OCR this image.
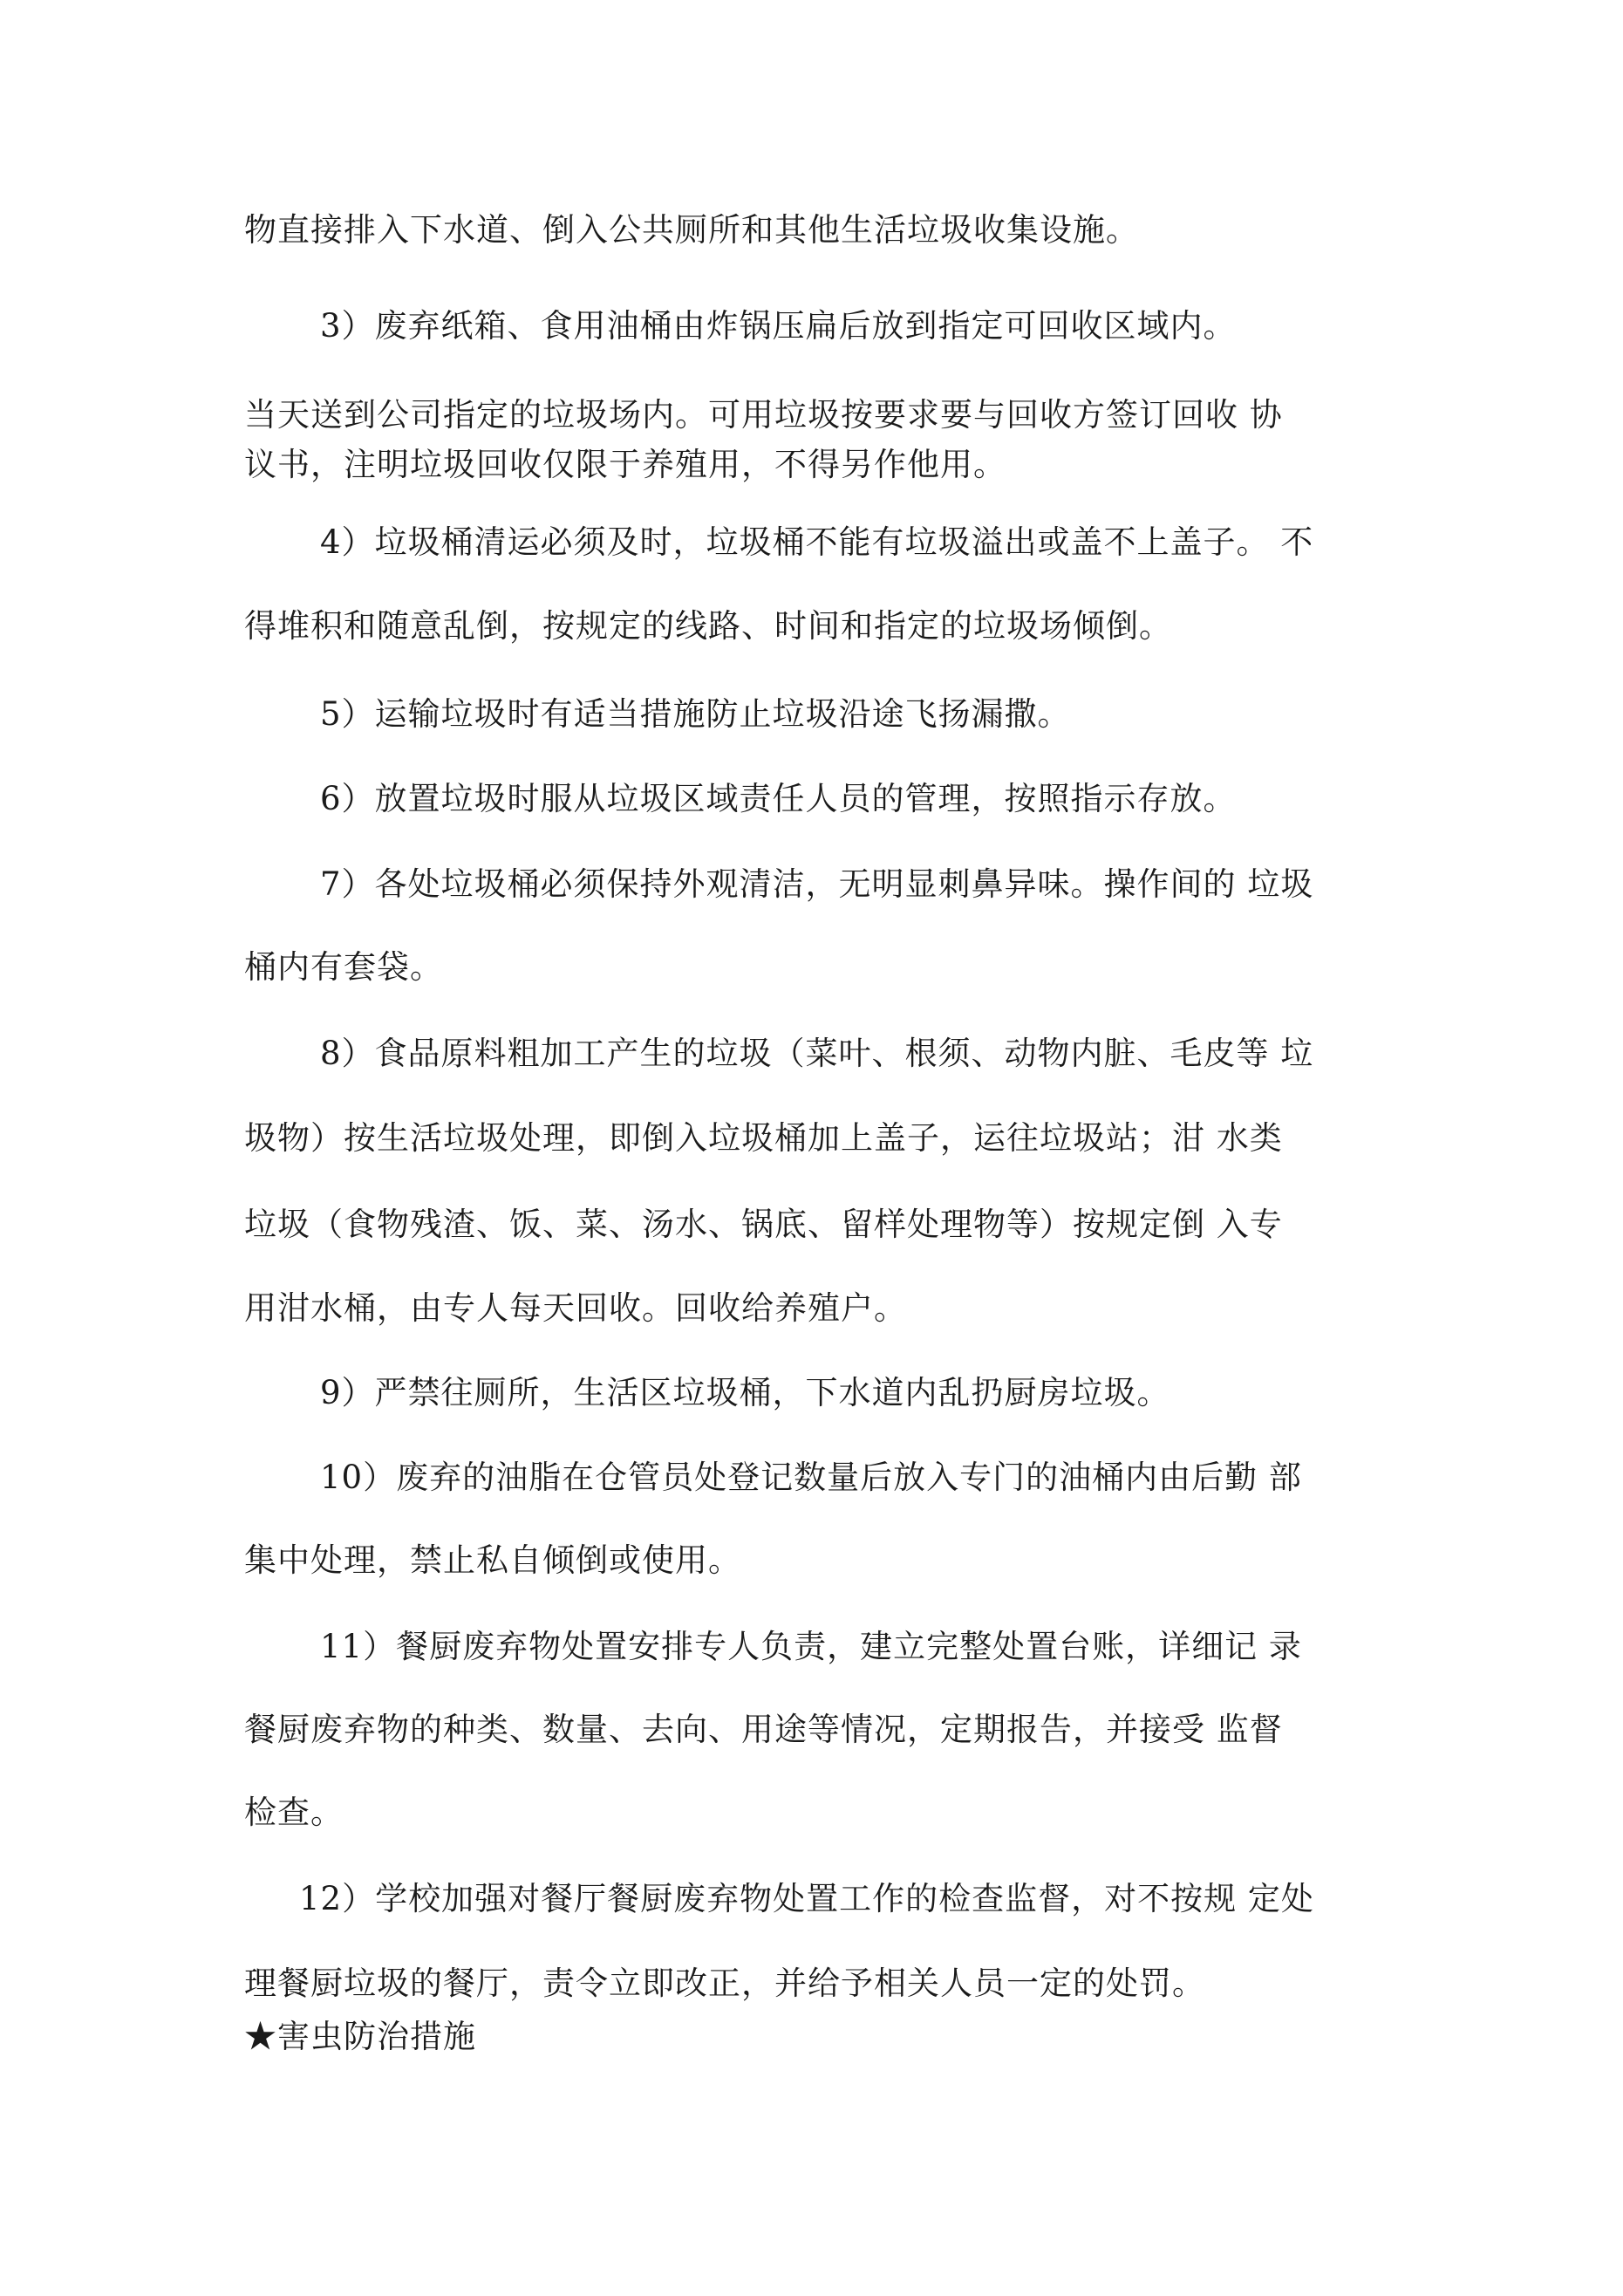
物直接排入下水道、倒入公共厕所和其他生活垃圾收集设施。
3）废弃纸箱、食用油桶由炸锅压扁后放到指定可回收区域内。
当天送到公司指定的垃圾场内。可用垃圾按要求要与回收方签订回收 协
议书，注明垃圾回收仅限于养殖用，不得另作他用。
4）垃圾桶清运必须及时，垃圾桶不能有垃圾溢出或盖不上盖子。 不
得堆积和随意乱倒，按规定的线路、时间和指定的垃圾场倾倒。
5）运输垃圾时有适当措施防止垃圾沿途飞扬漏撒。
6）放置垃圾时服从垃圾区域责任人员的管理，按照指示存放。
7）各处垃圾桶必须保持外观清洁，无明显刺鼻异味。操作间的 垃圾
桶内有套袋。
8）食品原料粗加工产生的垃圾（菜叶、根须、动物内脏、毛皮等 垃
圾物）按生活垃圾处理，即倒入垃圾桶加上盖子，运往垃圾站；泔 水类
垃圾（食物残渣、饭、菜、汤水、锅底、留样处理物等）按规定倒 入专
用泔水桶，由专人每天回收。回收给养殖户。
9）严禁往厕所，生活区垃圾桶，下水道内乱扔厨房垃圾。
10）废弃的油脂在仓管员处登记数量后放入专门的油桶内由后勤 部
集中处理，禁止私自倾倒或使用。
11）餐厨废弃物处置安排专人负责，建立完整处置台账，详细记 录
餐厨废弃物的种类、数量、去向、用途等情况，定期报告，并接受 监督
检查。
12）学校加强对餐厅餐厨废弃物处置工作的检查监督，对不按规 定处
理餐厨垃圾的餐厅，责令立即改正，并给予相关人员一定的处罚。
★害虫防治措施
